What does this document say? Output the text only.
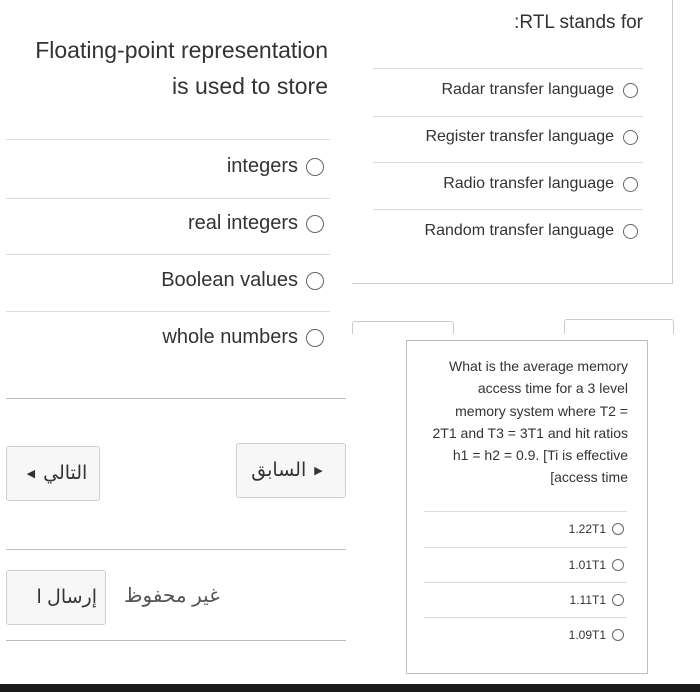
Floating-point representation
is used to store
integers
real integers
Boolean values
whole numbers
◀ التالي	السابق ▶
إرسال ا غير محفوظ
:RTL stands for
Radar transfer language
Register transfer language
Radio transfer language
Random transfer language
What is the average memory
access time for a 3 level
memory system where T2 =
2T1 and T3 = 3T1 and hit ratios
h1 = h2 = 0.9. [Ti is effective
[access time
1.22T1
1.01T1
1.11T1
1.09T1
